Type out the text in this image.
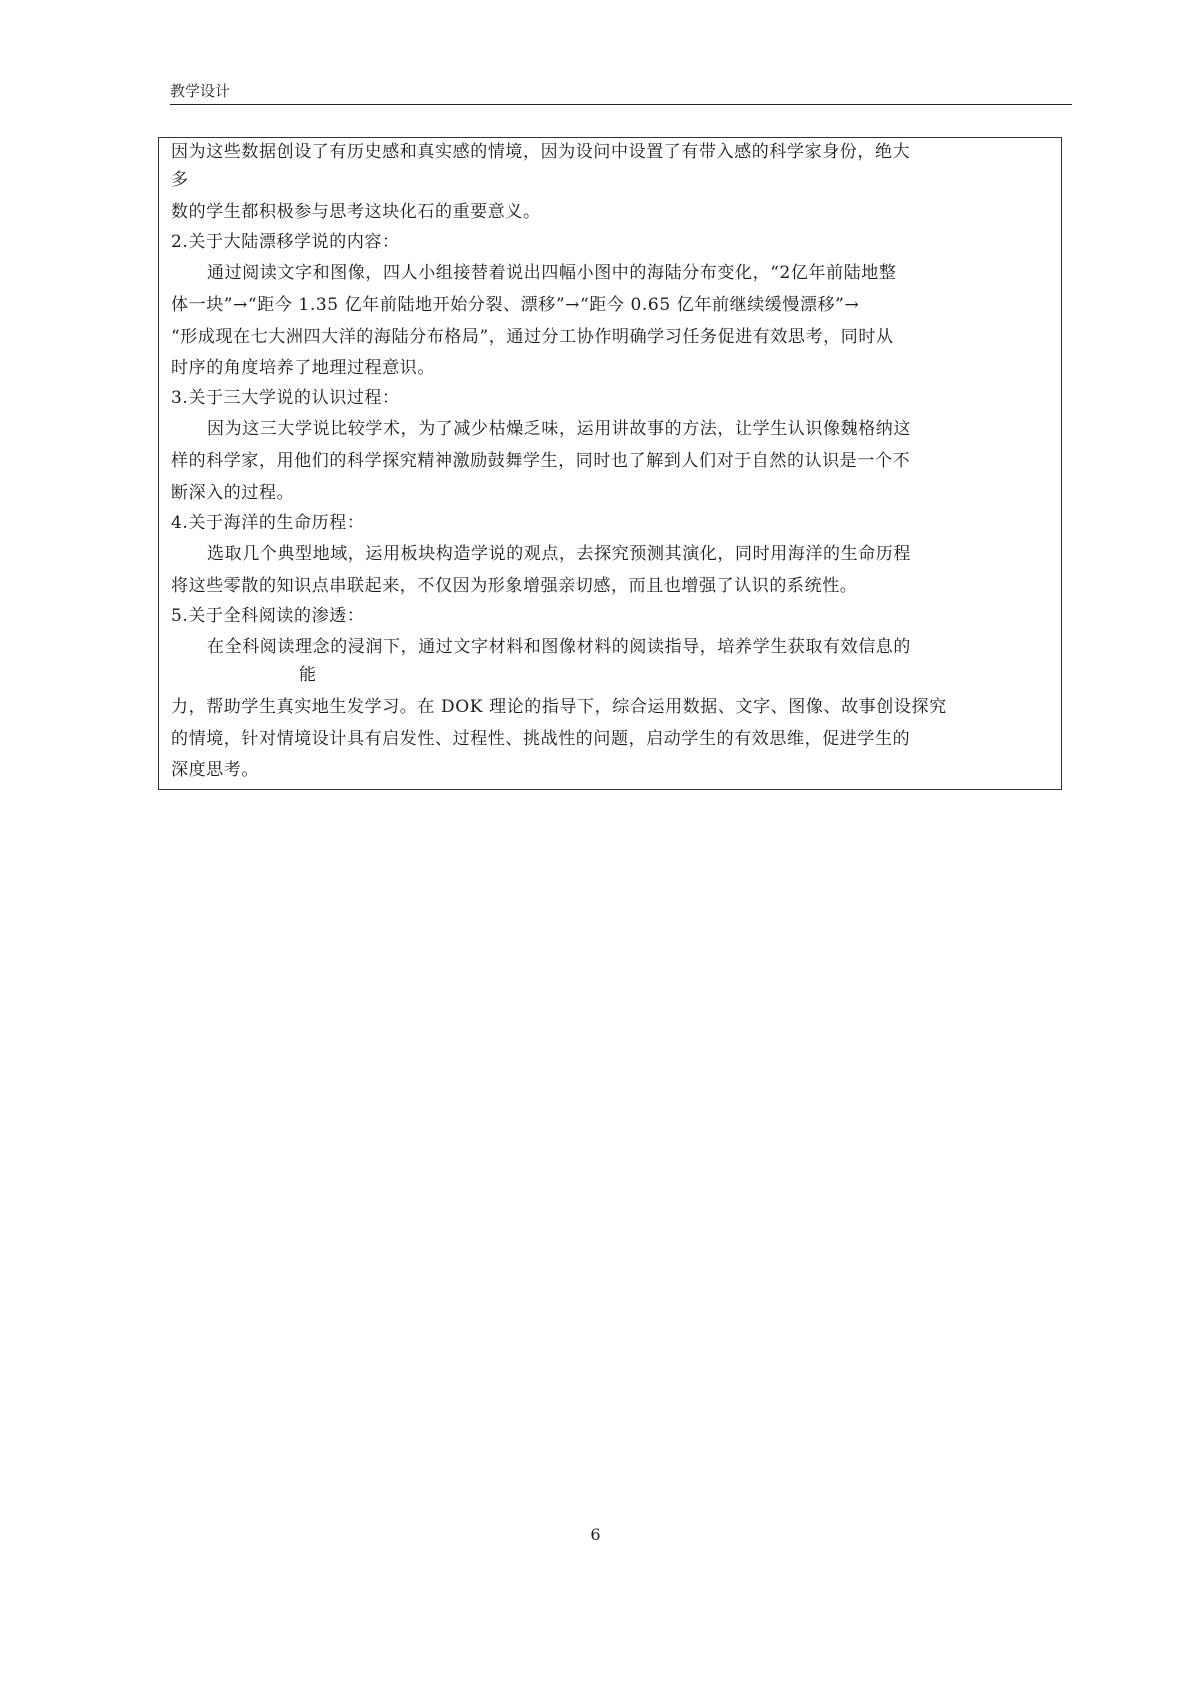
教学设计
因为这些数据创设了有历史感和真实感的情境，因为设问中设置了有带入感的科学家身份，绝大
多
数的学生都积极参与思考这块化石的重要意义。
2.关于大陆漂移学说的内容：
通过阅读文字和图像，四人小组接替着说出四幅小图中的海陆分布变化，“2亿年前陆地整
体一块”→“距今 1.35 亿年前陆地开始分裂、漂移”→“距今 0.65 亿年前继续缓慢漂移”→
“形成现在七大洲四大洋的海陆分布格局”，通过分工协作明确学习任务促进有效思考，同时从
时序的角度培养了地理过程意识。
3.关于三大学说的认识过程：
因为这三大学说比较学术，为了减少枯燥乏味，运用讲故事的方法，让学生认识像魏格纳这
样的科学家，用他们的科学探究精神激励鼓舞学生，同时也了解到人们对于自然的认识是一个不
断深入的过程。
4.关于海洋的生命历程：
选取几个典型地域，运用板块构造学说的观点，去探究预测其演化，同时用海洋的生命历程
将这些零散的知识点串联起来，不仅因为形象增强亲切感，而且也增强了认识的系统性。
5.关于全科阅读的渗透：
在全科阅读理念的浸润下，通过文字材料和图像材料的阅读指导，培养学生获取有效信息的
能
力，帮助学生真实地生发学习。在 DOK 理论的指导下，综合运用数据、文字、图像、故事创设探究
的情境，针对情境设计具有启发性、过程性、挑战性的问题，启动学生的有效思维，促进学生的
深度思考。
6
